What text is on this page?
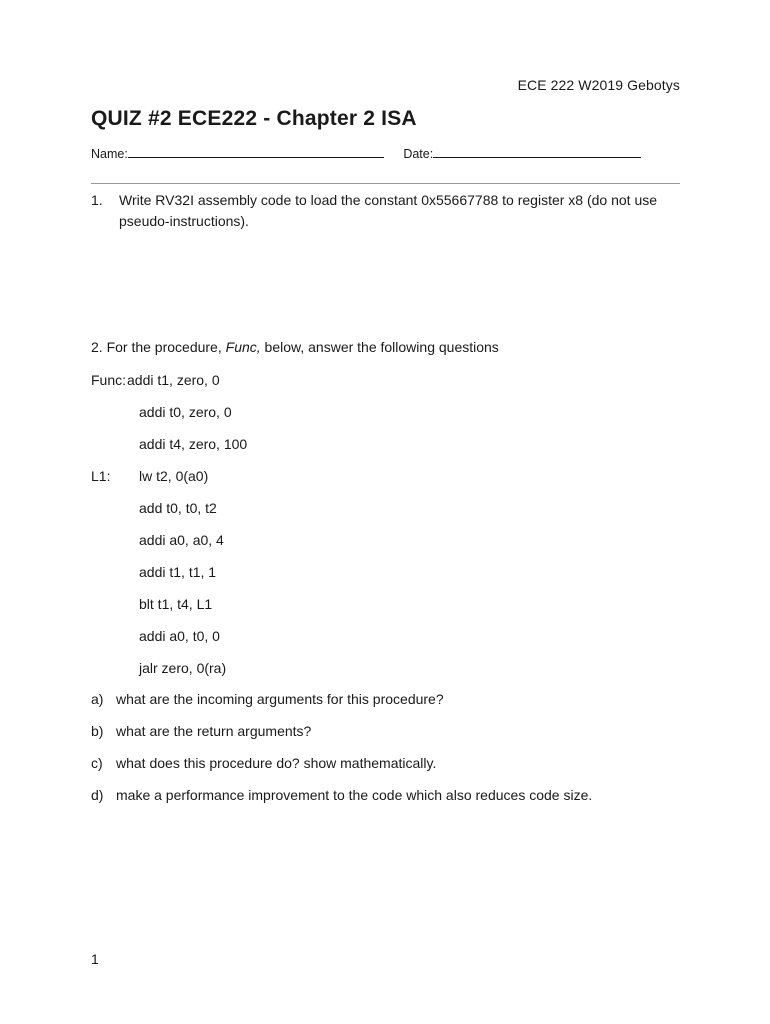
ECE 222 W2019 Gebotys
QUIZ #2 ECE222 - Chapter 2 ISA
Name:	Date:
1. Write RV32I assembly code to load the constant 0x55667788 to register x8 (do not use pseudo-instructions).
2. For the procedure, Func, below, answer the following questions
Func: addi t1, zero, 0
addi t0, zero, 0
addi t4, zero, 100
L1: lw t2, 0(a0)
add t0, t0, t2
addi a0, a0, 4
addi t1, t1, 1
blt t1, t4, L1
addi a0, t0, 0
jalr zero, 0(ra)
a) what are the incoming arguments for this procedure?
b) what are the return arguments?
c) what does this procedure do? show mathematically.
d) make a performance improvement to the code which also reduces code size.
1
